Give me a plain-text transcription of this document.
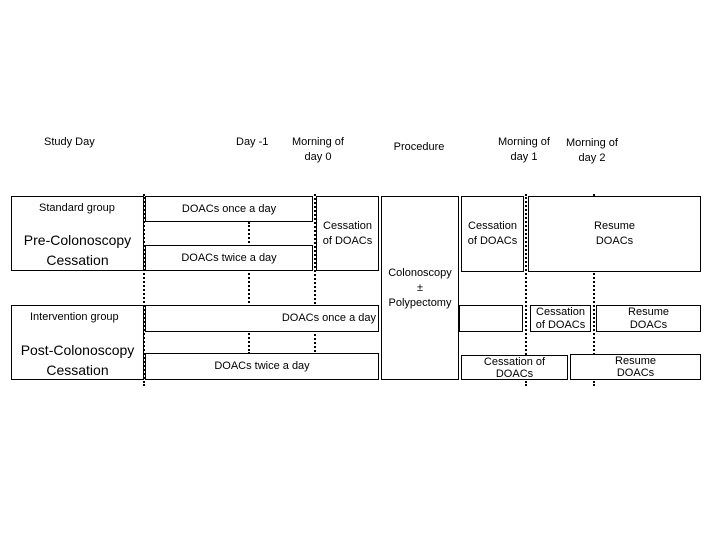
Study Day	Day -1	Morning of
day 0
Procedure	Morning of
day 1
Morning of
day 2
Standard group
Pre-Colonoscopy
Cessation
DOACs once a day
DOACs twice a day
Cessation
of DOACs
Cessation
of DOACs
Resume
DOACs
Colonoscopy
±
Polypectomy
Intervention group
Post-Colonoscopy
Cessation
DOACs once a day
Cessation
of DOACs
Resume
DOACs
DOACs twice a day	Cessation of
DOACs
Resume
DOACs
